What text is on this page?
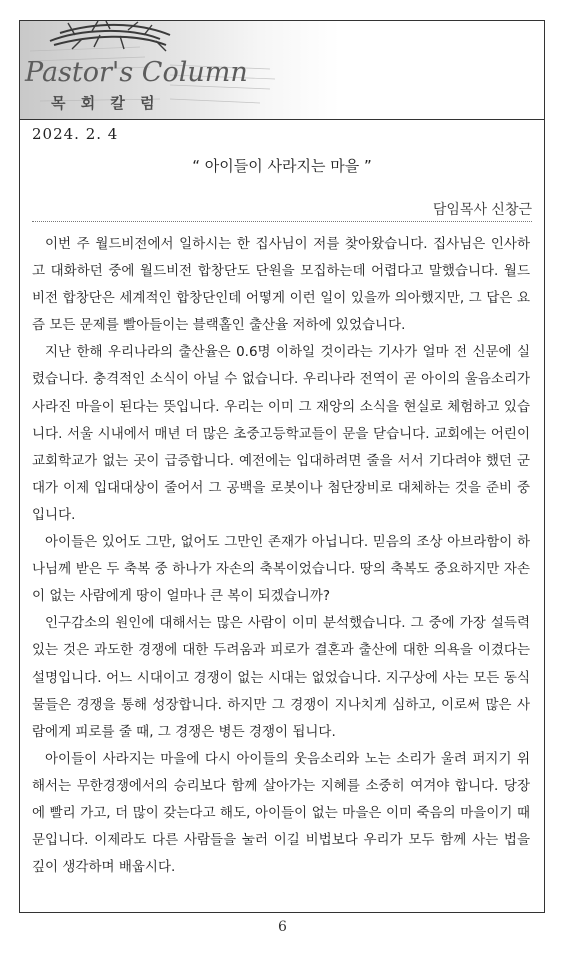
Pastor's Column
목 회 칼 럼
2024. 2. 4
“ 아이들이 사라지는 마을 ”
담임목사 신창근

이번 주 월드비전에서 일하시는 한 집사님이 저를 찾아왔습니다. 집사님은 인사하고 대화하던 중에 월드비전 합창단도 단원을 모집하는데 어렵다고 말했습니다. 월드비전 합창단은 세계적인 합창단인데 어떻게 이런 일이 있을까 의아했지만, 그 답은 요즘 모든 문제를 빨아들이는 블랙홀인 출산율 저하에 있었습니다.

지난 한해 우리나라의 출산율은 0.6명 이하일 것이라는 기사가 얼마 전 신문에 실렸습니다. 충격적인 소식이 아닐 수 없습니다. 우리나라 전역이 곧 아이의 울음소리가 사라진 마을이 된다는 뜻입니다. 우리는 이미 그 재앙의 소식을 현실로 체험하고 있습니다. 서울 시내에서 매년 더 많은 초중고등학교들이 문을 닫습니다. 교회에는 어린이 교회학교가 없는 곳이 급증합니다. 예전에는 입대하려면 줄을 서서 기다려야 했던 군대가 이제 입대대상이 줄어서 그 공백을 로봇이나 첨단장비로 대체하는 것을 준비 중입니다.

아이들은 있어도 그만, 없어도 그만인 존재가 아닙니다. 믿음의 조상 아브라함이 하나님께 받은 두 축복 중 하나가 자손의 축복이었습니다. 땅의 축복도 중요하지만 자손이 없는 사람에게 땅이 얼마나 큰 복이 되겠습니까?

인구감소의 원인에 대해서는 많은 사람이 이미 분석했습니다. 그 중에 가장 설득력 있는 것은 과도한 경쟁에 대한 두려움과 피로가 결혼과 출산에 대한 의욕을 이겼다는 설명입니다. 어느 시대이고 경쟁이 없는 시대는 없었습니다. 지구상에 사는 모든 동식물들은 경쟁을 통해 성장합니다. 하지만 그 경쟁이 지나치게 심하고, 이로써 많은 사람에게 피로를 줄 때, 그 경쟁은 병든 경쟁이 됩니다.

아이들이 사라지는 마을에 다시 아이들의 웃음소리와 노는 소리가 울려 퍼지기 위해서는 무한경쟁에서의 승리보다 함께 살아가는 지혜를 소중히 여겨야 합니다. 당장에 빨리 가고, 더 많이 갖는다고 해도, 아이들이 없는 마을은 이미 죽음의 마을이기 때문입니다. 이제라도 다른 사람들을 눌러 이길 비법보다 우리가 모두 함께 사는 법을 깊이 생각하며 배웁시다.

6
